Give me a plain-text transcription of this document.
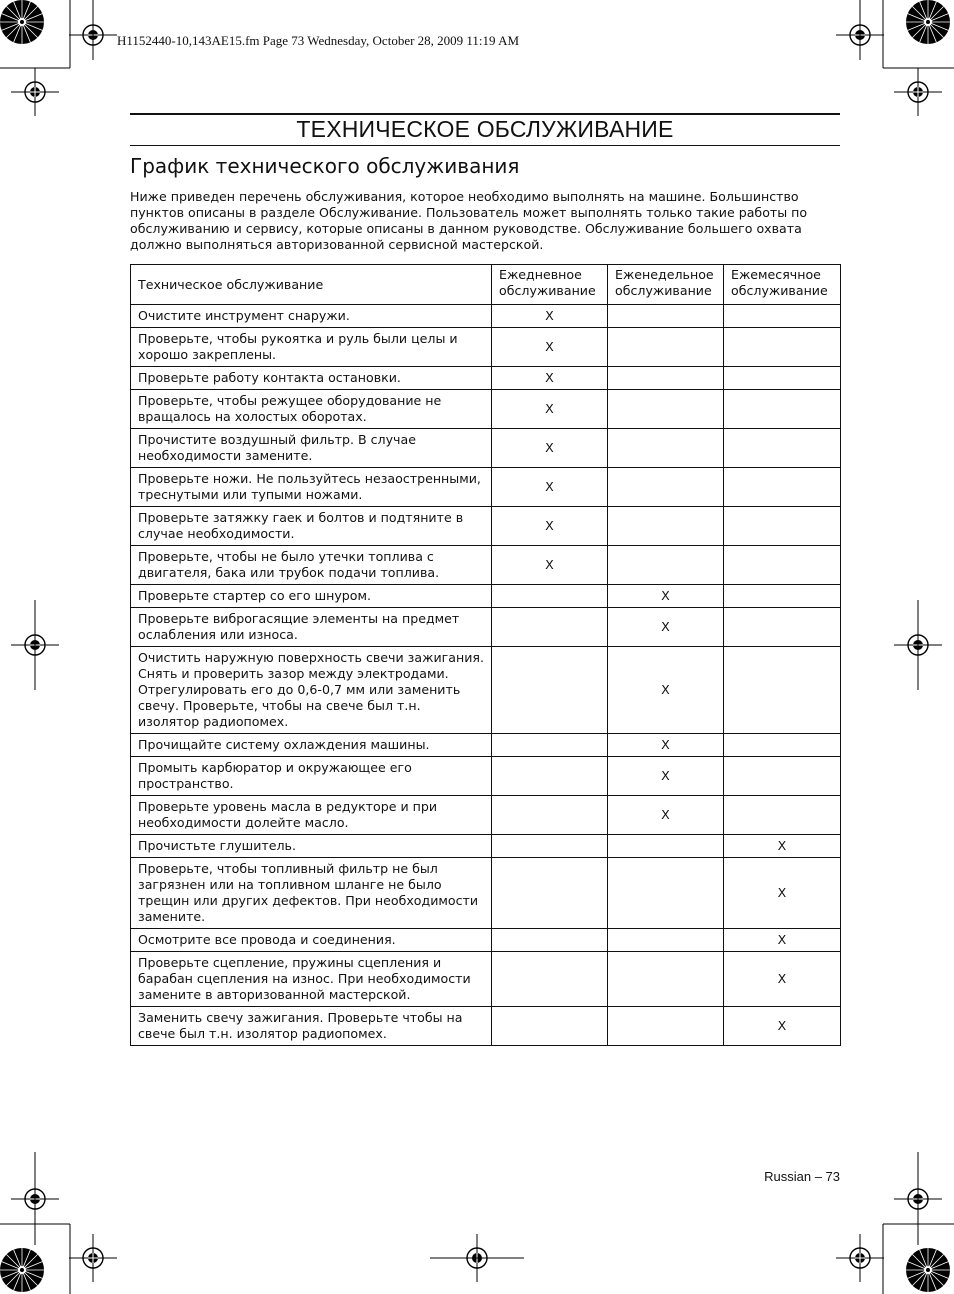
H1152440-10,143AE15.fm Page 73 Wednesday, October 28, 2009 11:19 AM
ТЕХНИЧЕСКОЕ ОБСЛУЖИВАНИЕ
График технического обслуживания
Ниже приведен перечень обслуживания, которое необходимо выполнять на машине. Большинство пунктов описаны в разделе Обслуживание. Пользователь может выполнять только такие работы по обслуживанию и сервису, которые описаны в данном руководстве. Обслуживание большего охвата должно выполняться авторизованной сервисной мастерской.
Техническое обслуживание	Ежедневное обслуживание	Еженедельное обслуживание	Ежемесячное обслуживание
Очистите инструмент снаружи.	X		
Проверьте, чтобы рукоятка и руль были целы и хорошо закреплены.	X		
Проверьте работу контакта остановки.	X		
Проверьте, чтобы режущее оборудование не вращалось на холостых оборотах.	X		
Прочистите воздушный фильтр. В случае необходимости замените.	X		
Проверьте ножи. Не пользуйтесь незаостренными, треснутыми или тупыми ножами.	X		
Проверьте затяжку гаек и болтов и подтяните в случае необходимости.	X		
Проверьте, чтобы не было утечки топлива с двигателя, бака или трубок подачи топлива.	X		
Проверьте стартер со его шнуром.		X	
Проверьте виброгасящие элементы на предмет ослабления или износа.		X	
Очистить наружную поверхность свечи зажигания. Снять и проверить зазор между электродами. Отрегулировать его до 0,6-0,7 мм или заменить свечу. Проверьте, чтобы на свече был т.н. изолятор радиопомех.		X	
Прочищайте систему охлаждения машины.		X	
Промыть карбюратор и окружающее его пространство.		X	
Проверьте уровень масла в редукторе и при необходимости долейте масло.		X	
Прочистьте глушитель.			X
Проверьте, чтобы топливный фильтр не был загрязнен или на топливном шланге не было трещин или других дефектов. При необходимости замените.			X
Осмотрите все провода и соединения.			X
Проверьте сцепление, пружины сцепления и барабан сцепления на износ. При необходимости замените в авторизованной мастерской.			X
Заменить свечу зажигания. Проверьте чтобы на свече был т.н. изолятор радиопомех.			X
Russian – 73
